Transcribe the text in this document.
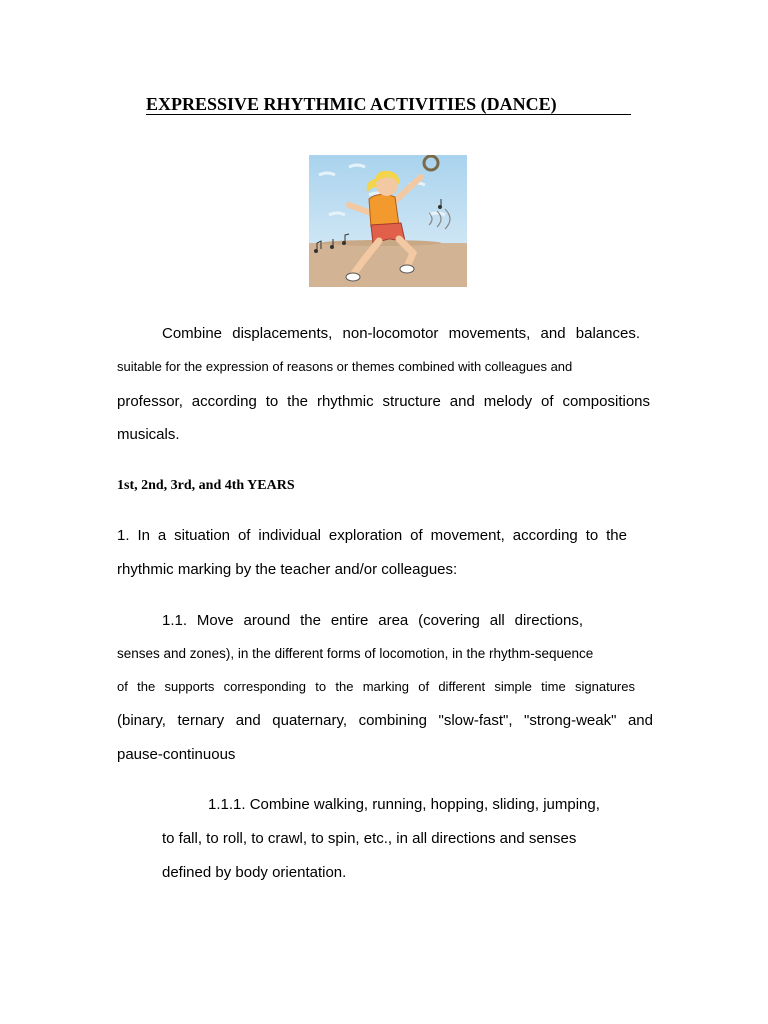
EXPRESSIVE RHYTHMIC ACTIVITIES (DANCE)

Combine displacements, non-locomotor movements, and balances.

suitable for the expression of reasons or themes combined with colleagues and

professor, according to the rhythmic structure and melody of compositions

musicals.

1st, 2nd, 3rd, and 4th YEARS

1. In a situation of individual exploration of movement, according to the

rhythmic marking by the teacher and/or colleagues:

1.1. Move around the entire area (covering all directions,

senses and zones), in the different forms of locomotion, in the rhythm-sequence

of the supports corresponding to the marking of different simple time signatures

(binary, ternary and quaternary, combining "slow-fast", "strong-weak" and

pause-continuous

1.1.1. Combine walking, running, hopping, sliding, jumping,

to fall, to roll, to crawl, to spin, etc., in all directions and senses

defined by body orientation.
